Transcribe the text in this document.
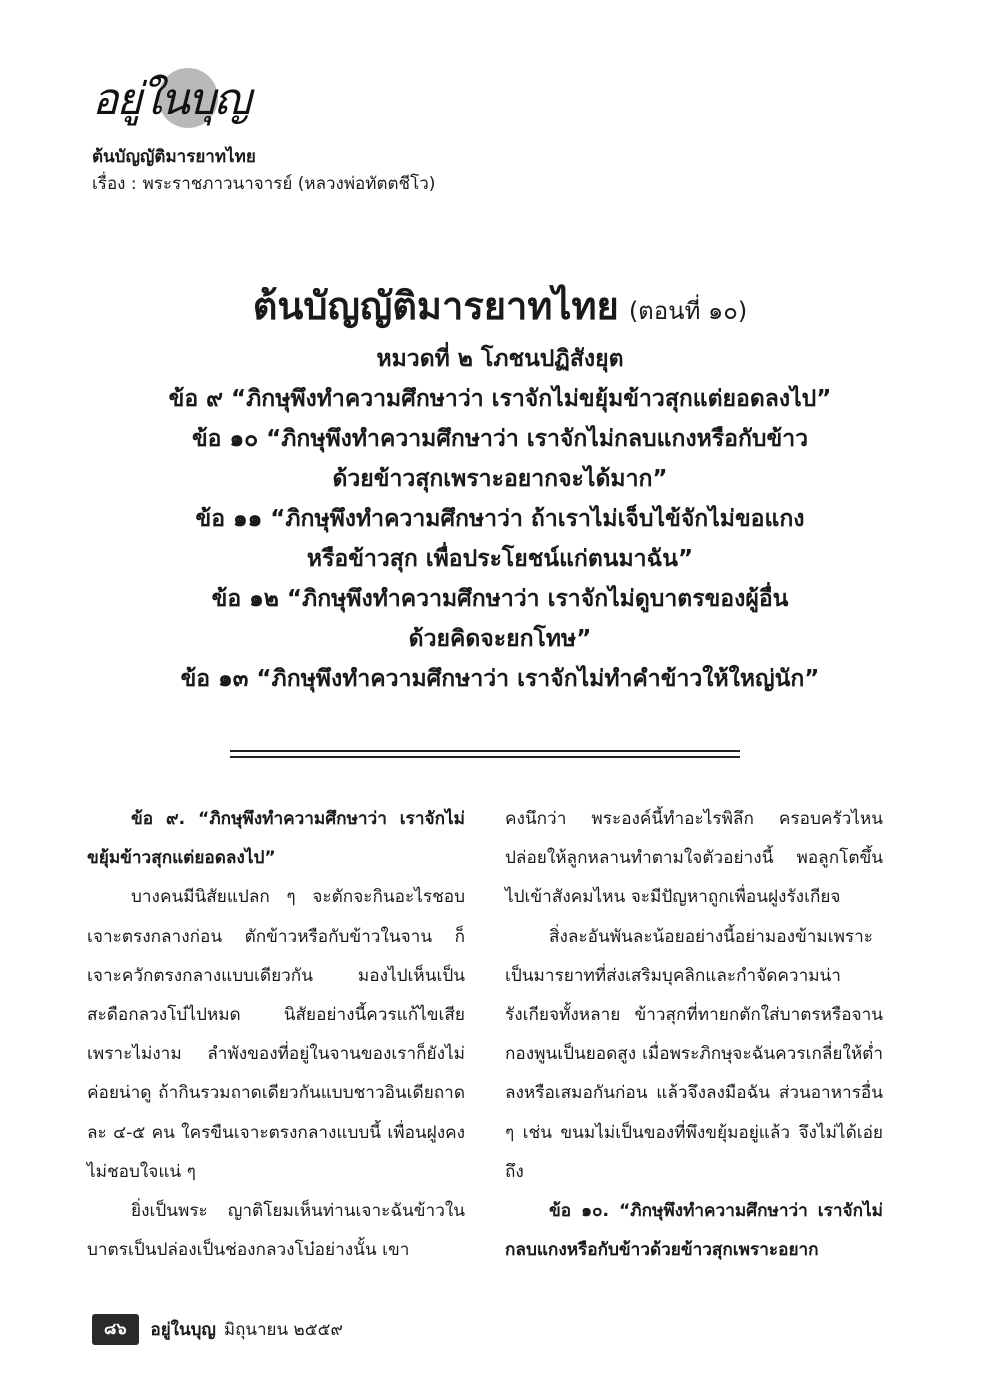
อยู่ในบุญ
ต้นบัญญัติมารยาทไทย
เรื่อง : พระราชภาวนาจารย์ (หลวงพ่อทัตตชีโว)
ต้นบัญญัติมารยาทไทย (ตอนที่ ๑๐)
หมวดที่ ๒ โภชนปฏิสังยุต
ข้อ ๙ “ภิกษุพึงทำความศึกษาว่า เราจักไม่ขยุ้มข้าวสุกแต่ยอดลงไป”
ข้อ ๑๐ “ภิกษุพึงทำความศึกษาว่า เราจักไม่กลบแกงหรือกับข้าว
ด้วยข้าวสุกเพราะอยากจะได้มาก”
ข้อ ๑๑ “ภิกษุพึงทำความศึกษาว่า ถ้าเราไม่เจ็บไข้จักไม่ขอแกง
หรือข้าวสุก เพื่อประโยชน์แก่ตนมาฉัน”
ข้อ ๑๒ “ภิกษุพึงทำความศึกษาว่า เราจักไม่ดูบาตรของผู้อื่น
ด้วยคิดจะยกโทษ”
ข้อ ๑๓ “ภิกษุพึงทำความศึกษาว่า เราจักไม่ทำคำข้าวให้ใหญ่นัก”

ข้อ ๙. “ภิกษุพึงทำความศึกษาว่า เราจักไม่ขยุ้มข้าวสุกแต่ยอดลงไป”

บางคนมีนิสัยแปลก ๆ จะตักจะกินอะไรชอบเจาะตรงกลางก่อน ตักข้าวหรือกับข้าวในจาน ก็เจาะควักตรงกลางแบบเดียวกัน มองไปเห็นเป็นสะดือกลวงโบ๋ไปหมด นิสัยอย่างนี้ควรแก้ไขเสียเพราะไม่งาม ลำพังของที่อยู่ในจานของเราก็ยังไม่ค่อยน่าดู ถ้ากินรวมถาดเดียวกันแบบชาวอินเดียถาดละ ๔-๕ คน ใครขืนเจาะตรงกลางแบบนี้ เพื่อนฝูงคงไม่ชอบใจแน่ ๆ

ยิ่งเป็นพระ ญาติโยมเห็นท่านเจาะฉันข้าวในบาตรเป็นปล่องเป็นช่องกลวงโบ๋อย่างนั้น เขา

คงนึกว่า พระองค์นี้ทำอะไรพิลึก ครอบครัวไหนปล่อยให้ลูกหลานทำตามใจตัวอย่างนี้ พอลูกโตขึ้นไปเข้าสังคมไหน จะมีปัญหาถูกเพื่อนฝูงรังเกียจ

สิ่งละอันพันละน้อยอย่างนี้อย่ามองข้ามเพราะเป็นมารยาทที่ส่งเสริมบุคลิกและกำจัดความน่ารังเกียจทั้งหลาย ข้าวสุกที่ทายกตักใส่บาตรหรือจานกองพูนเป็นยอดสูง เมื่อพระภิกษุจะฉันควรเกลี่ยให้ต่ำลงหรือเสมอกันก่อน แล้วจึงลงมือฉัน ส่วนอาหารอื่น ๆ เช่น ขนมไม่เป็นของที่พึงขยุ้มอยู่แล้ว จึงไม่ได้เอ่ยถึง

ข้อ ๑๐. “ภิกษุพึงทำความศึกษาว่า เราจักไม่กลบแกงหรือกับข้าวด้วยข้าวสุกเพราะอยาก

๘๖	อยู่ในบุญ มิถุนายน ๒๕๕๙
